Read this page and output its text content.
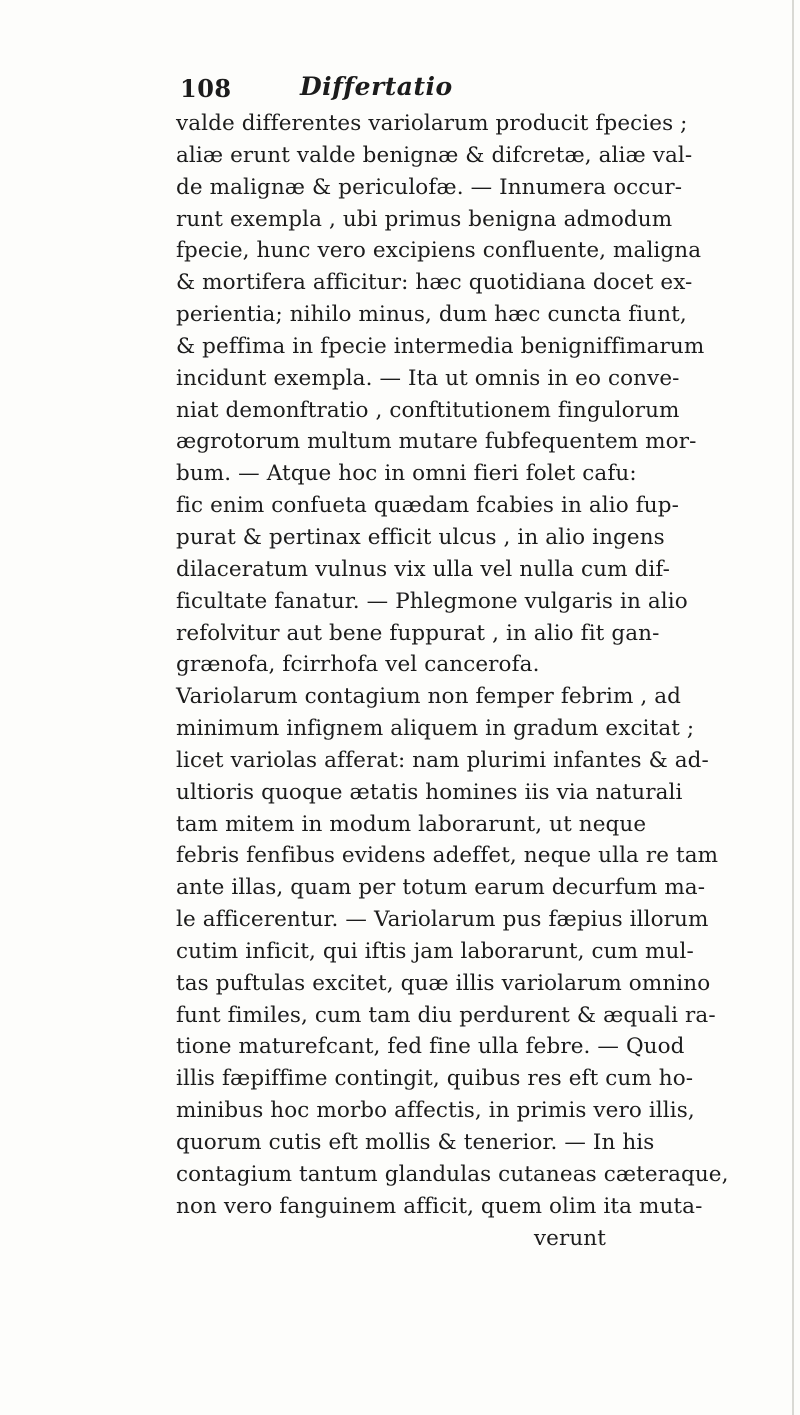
108	Differtatio
valde differentes variolarum producit fpecies ;
aliæ erunt valde benignæ & difcretæ, aliæ val-
de malignæ & periculofæ. — Innumera occur-
runt exempla , ubi primus benigna admodum
fpecie, hunc vero excipiens confluente, maligna
& mortifera afficitur: hæc quotidiana docet ex-
perientia; nihilo minus, dum hæc cuncta fiunt,
& peffima in fpecie intermedia benigniffimarum
incidunt exempla. — Ita ut omnis in eo conve-
niat demonftratio , conftitutionem fingulorum
ægrotorum multum mutare fubfequentem mor-
bum. — Atque hoc in omni fieri folet cafu:
fic enim confueta quædam fcabies in alio fup-
purat & pertinax efficit ulcus , in alio ingens
dilaceratum vulnus vix ulla vel nulla cum dif-
ficultate fanatur. — Phlegmone vulgaris in alio
refolvitur aut bene fuppurat , in alio fit gan-
grænofa, fcirrhofa vel cancerofa.
Variolarum contagium non femper febrim , ad
minimum infignem aliquem in gradum excitat ;
licet variolas afferat: nam plurimi infantes & ad-
ultioris quoque ætatis homines iis via naturali
tam mitem in modum laborarunt, ut neque
febris fenfibus evidens adeffet, neque ulla re tam
ante illas, quam per totum earum decurfum ma-
le afficerentur. — Variolarum pus fæpius illorum
cutim inficit, qui iftis jam laborarunt, cum mul-
tas puftulas excitet, quæ illis variolarum omnino
funt fimiles, cum tam diu perdurent & æquali ra-
tione maturefcant, fed fine ulla febre. — Quod
illis fæpiffime contingit, quibus res eft cum ho-
minibus hoc morbo affectis, in primis vero illis,
quorum cutis eft mollis & tenerior. — In his
contagium tantum glandulas cutaneas cæteraque,
non vero fanguinem afficit, quem olim ita muta-
verunt
